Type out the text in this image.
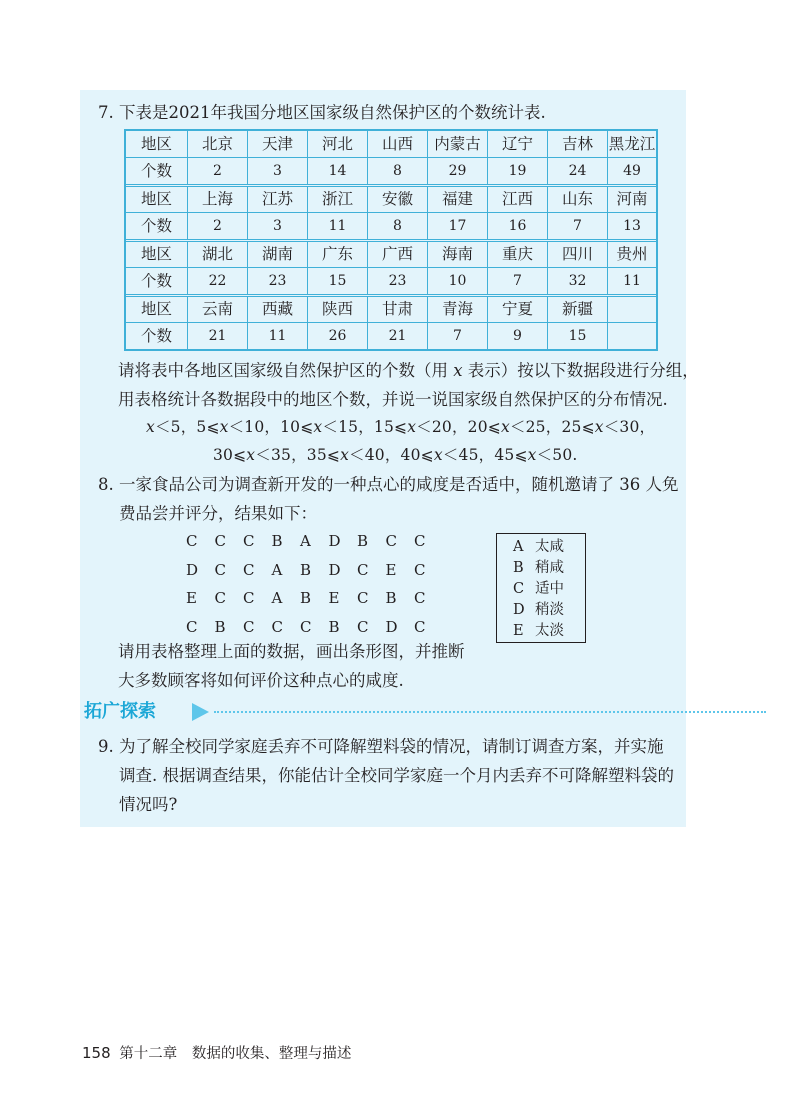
7. 下表是2021年我国分地区国家级自然保护区的个数统计表.
地区	北京	天津	河北	山西	内蒙古	辽宁	吉林	黑龙江
个数	2	3	14	8	29	19	24	49
地区	上海	江苏	浙江	安徽	福建	江西	山东	河南
个数	2	3	11	8	17	16	7	13
地区	湖北	湖南	广东	广西	海南	重庆	四川	贵州
个数	22	23	15	23	10	7	32	11
地区	云南	西藏	陕西	甘肃	青海	宁夏	新疆
个数	21	11	26	21	7	9	15
请将表中各地区国家级自然保护区的个数（用 𝑥 表示）按以下数据段进行分组，
用表格统计各数据段中的地区个数，并说一说国家级自然保护区的分布情况.
𝑥＜5，5⩽𝑥＜10，10⩽𝑥＜15，15⩽𝑥＜20，20⩽𝑥＜25，25⩽𝑥＜30，
30⩽𝑥＜35，35⩽𝑥＜40，40⩽𝑥＜45，45⩽𝑥＜50.
8. 一家食品公司为调查新开发的一种点心的咸度是否适中，随机邀请了 36 人免
费品尝并评分，结果如下：
C C C B A D B C C
D C C A B D C E C
E C C A B E C B C
C B C C C B C D C
A 太咸
B 稍咸
C 适中
D 稍淡
E 太淡
请用表格整理上面的数据，画出条形图，并推断
大多数顾客将如何评价这种点心的咸度.
拓广探索
9. 为了解全校同学家庭丢弃不可降解塑料袋的情况，请制订调查方案，并实施
调查. 根据调查结果，你能估计全校同学家庭一个月内丢弃不可降解塑料袋的
情况吗?
158 第十二章 数据的收集、整理与描述
